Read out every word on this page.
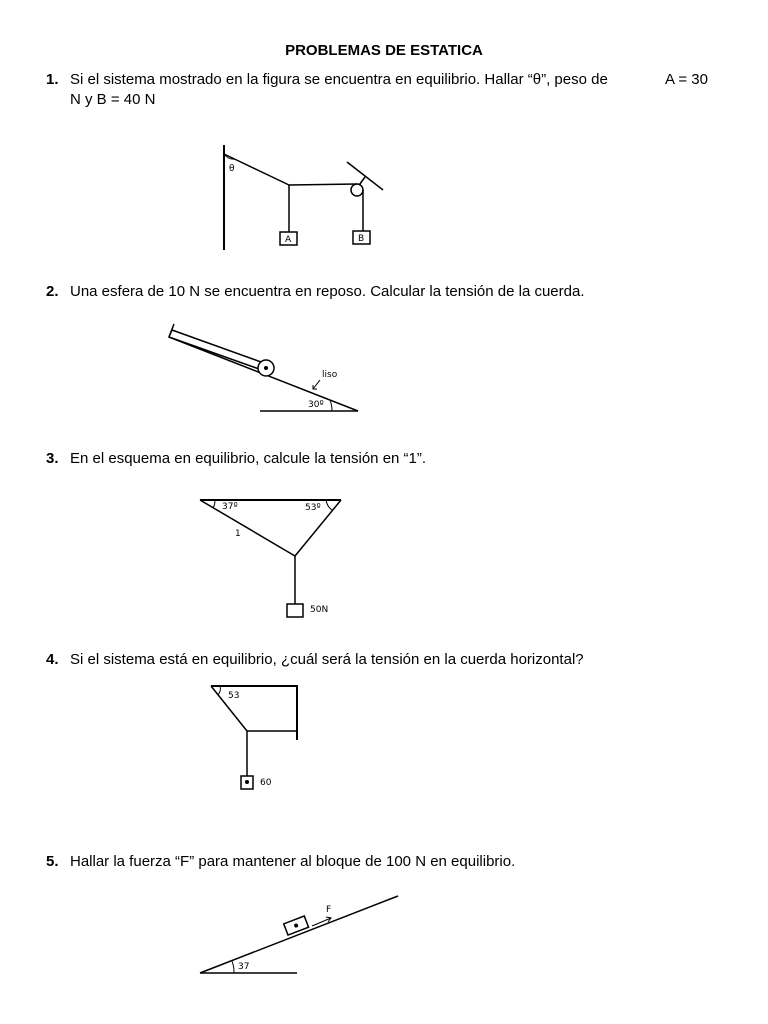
PROBLEMAS DE ESTATICA
1. Si el sistema mostrado en la figura se encuentra en equilibrio. Hallar “θ”, peso de
N y B = 40 N
A = 30
A
θ
B
2. Una esfera de 10 N se encuentra en reposo. Calcular la tensión de la cuerda.
liso
30º
3. En el esquema en equilibrio, calcule la tensión en “1”.
37º	53º
1
50N
4. Si el sistema está en equilibrio, ¿cuál será la tensión en la cuerda horizontal?
53
60
5. Hallar la fuerza “F” para mantener al bloque de 100 N en equilibrio.
F
37
